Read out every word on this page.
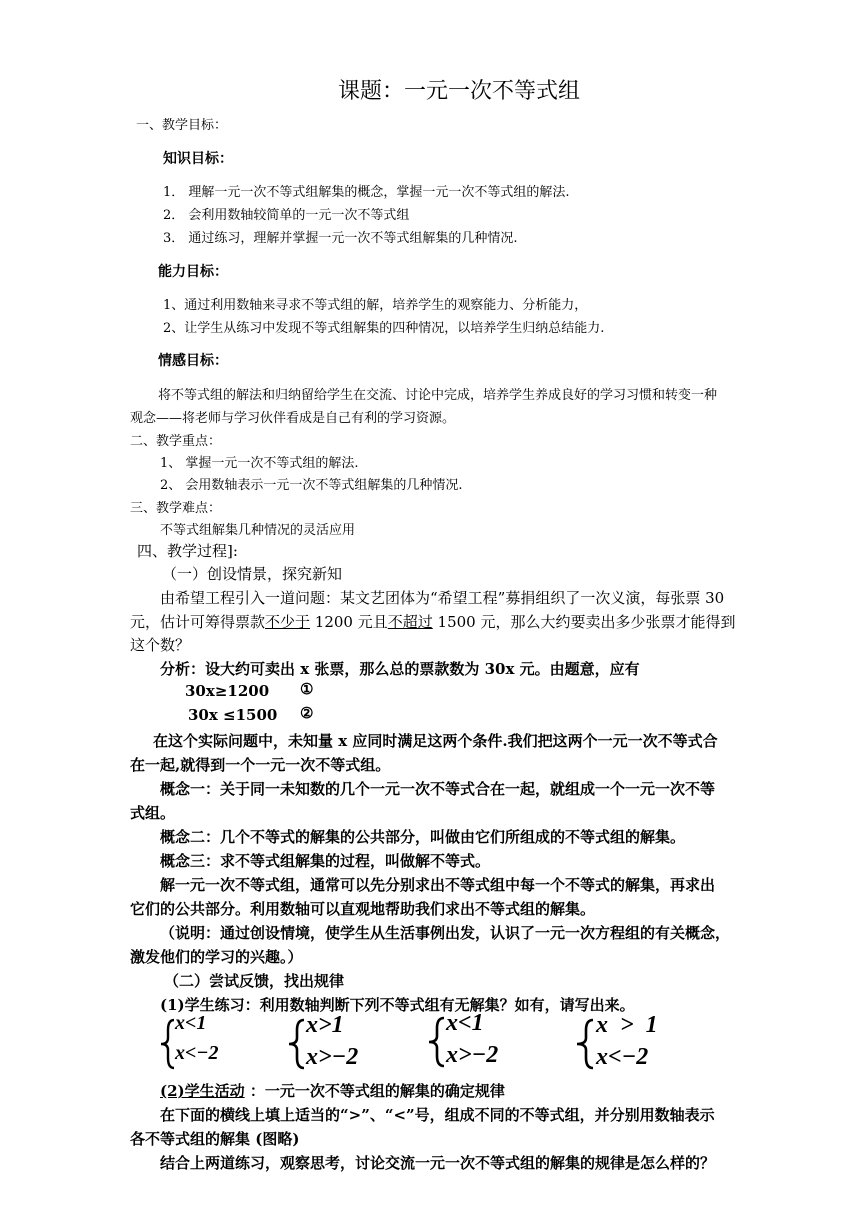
课题：一元一次不等式组
一、教学目标：
知识目标：
1． 理解一元一次不等式组解集的概念，掌握一元一次不等式组的解法.
2． 会利用数轴较简单的一元一次不等式组
3． 通过练习，理解并掌握一元一次不等式组解集的几种情况.
能力目标：
1、通过利用数轴来寻求不等式组的解，培养学生的观察能力、分析能力，
2、让学生从练习中发现不等式组解集的四种情况，以培养学生归纳总结能力.
情感目标：
将不等式组的解法和归纳留给学生在交流、讨论中完成，培养学生养成良好的学习习惯和转变一种
观念——将老师与学习伙伴看成是自己有利的学习资源。
二、教学重点：
1、 掌握一元一次不等式组的解法.
2、 会用数轴表示一元一次不等式组解集的几种情况.
三、教学难点：
不等式组解集几种情况的灵活应用
四、教学过程]:
（一）创设情景，探究新知
由希望工程引入一道问题：某文艺团体为“希望工程”募捐组织了一次义演，每张票 30
元，估计可筹得票款不少于 1200 元且不超过 1500 元，那么大约要卖出多少张票才能得到
这个数？
分析：设大约可卖出 x 张票，那么总的票款数为 30x 元。由题意，应有
30x≥1200 ①
30x ≤1500 ②
在这个实际问题中，未知量 x 应同时满足这两个条件.我们把这两个一元一次不等式合
在一起,就得到一个一元一次不等式组。
概念一：关于同一未知数的几个一元一次不等式合在一起，就组成一个一元一次不等
式组。
概念二：几个不等式的解集的公共部分，叫做由它们所组成的不等式组的解集。
概念三：求不等式组解集的过程，叫做解不等式。
解一元一次不等式组，通常可以先分别求出不等式组中每一个不等式的解集，再求出
它们的公共部分。利用数轴可以直观地帮助我们求出不等式组的解集。
（说明：通过创设情境，使学生从生活事例出发，认识了一元一次方程组的有关概念，
激发他们的学习的兴趣。）
（二）尝试反馈，找出规律
(1)学生练习：利用数轴判断下列不等式组有无解集？如有，请写出来。
x<1
x<−2
x>1
x>−2
x<1
x>−2
x  >  1
x<−2
(2)学生活动 ：一元一次不等式组的解集的确定规律
在下面的横线上填上适当的“>”、“<”号，组成不同的不等式组，并分别用数轴表示
各不等式组的解集 (图略)
结合上两道练习，观察思考，讨论交流一元一次不等式组的解集的规律是怎么样的？
